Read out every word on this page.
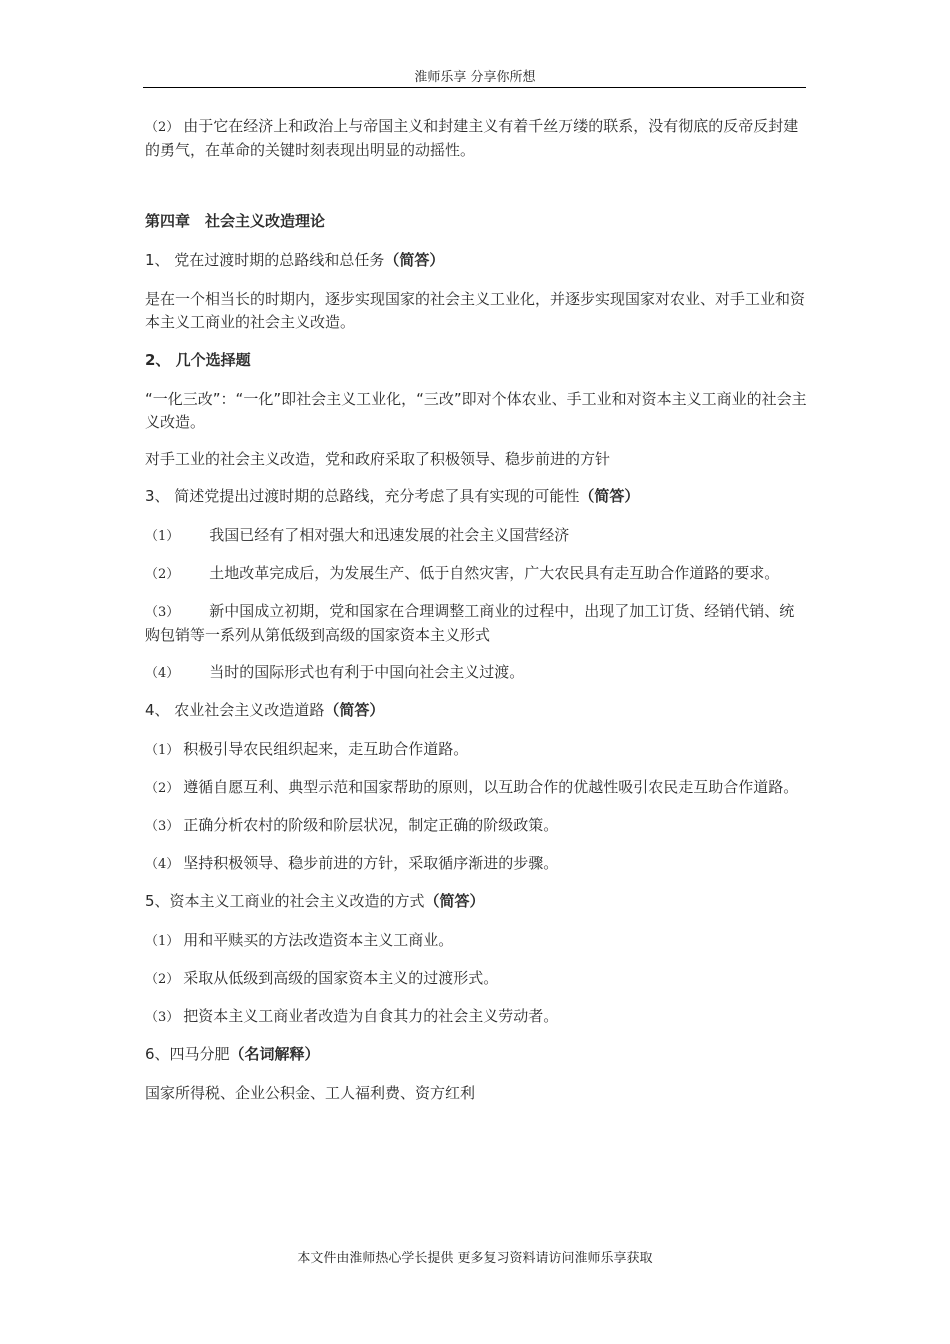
淮师乐享 分享你所想

（2） 由于它在经济上和政治上与帝国主义和封建主义有着千丝万缕的联系，没有彻底的反帝反封建的勇气，在革命的关键时刻表现出明显的动摇性。

第四章　社会主义改造理论

1、 党在过渡时期的总路线和总任务（简答）

是在一个相当长的时期内，逐步实现国家的社会主义工业化，并逐步实现国家对农业、对手工业和资本主义工商业的社会主义改造。

2、 几个选择题

“一化三改”：“一化”即社会主义工业化，“三改”即对个体农业、手工业和对资本主义工商业的社会主义改造。

对手工业的社会主义改造，党和政府采取了积极领导、稳步前进的方针

3、 简述党提出过渡时期的总路线，充分考虑了具有实现的可能性（简答）

（1） 我国已经有了相对强大和迅速发展的社会主义国营经济

（2） 土地改革完成后，为发展生产、低于自然灾害，广大农民具有走互助合作道路的要求。

（3） 新中国成立初期，党和国家在合理调整工商业的过程中，出现了加工订货、经销代销、统购包销等一系列从第低级到高级的国家资本主义形式

（4） 当时的国际形式也有利于中国向社会主义过渡。

4、 农业社会主义改造道路（简答）

（1） 积极引导农民组织起来，走互助合作道路。

（2） 遵循自愿互利、典型示范和国家帮助的原则，以互助合作的优越性吸引农民走互助合作道路。

（3） 正确分析农村的阶级和阶层状况，制定正确的阶级政策。

（4） 坚持积极领导、稳步前进的方针，采取循序渐进的步骤。

5、资本主义工商业的社会主义改造的方式（简答）

（1） 用和平赎买的方法改造资本主义工商业。

（2） 采取从低级到高级的国家资本主义的过渡形式。

（3） 把资本主义工商业者改造为自食其力的社会主义劳动者。

6、四马分肥（名词解释）

国家所得税、企业公积金、工人福利费、资方红利

本文件由淮师热心学长提供 更多复习资料请访问淮师乐享获取
